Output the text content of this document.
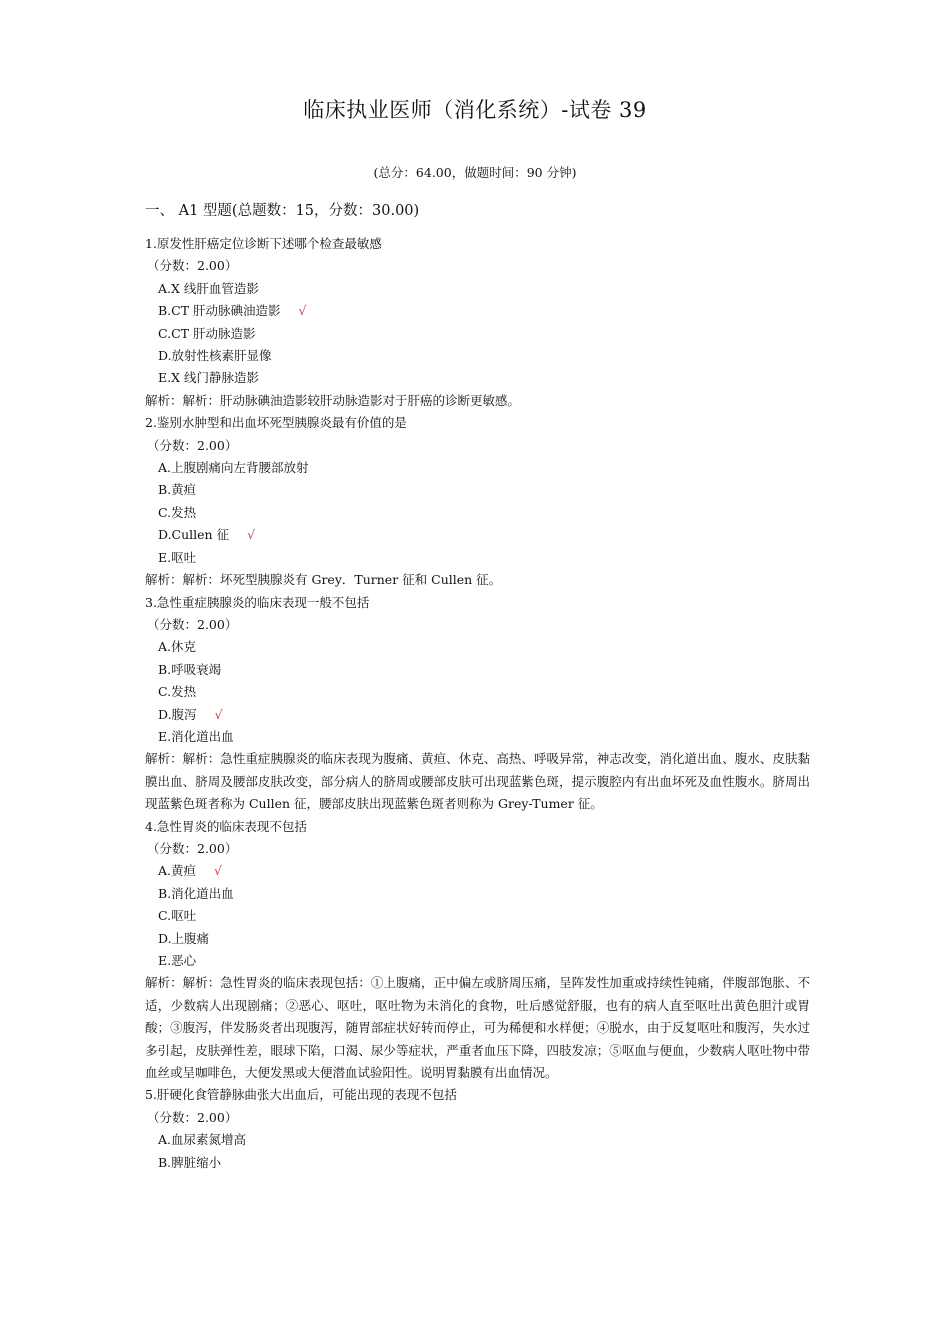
临床执业医师（消化系统）-试卷 39
(总分：64.00，做题时间：90 分钟)
一、 A1 型题(总题数：15，分数：30.00)
1.原发性肝癌定位诊断下述哪个检查最敏感
（分数：2.00）
A.X 线肝血管造影
B.CT 肝动脉碘油造影 √
C.CT 肝动脉造影
D.放射性核素肝显像
E.X 线门静脉造影
解析：解析：肝动脉碘油造影较肝动脉造影对于肝癌的诊断更敏感。
2.鉴别水肿型和出血坏死型胰腺炎最有价值的是
（分数：2.00）
A.上腹剧痛向左背腰部放射
B.黄疸
C.发热
D.Cullen 征 √
E.呕吐
解析：解析：坏死型胰腺炎有 Grey．Turner 征和 Cullen 征。
3.急性重症胰腺炎的临床表现一般不包括
（分数：2.00）
A.休克
B.呼吸衰竭
C.发热
D.腹泻 √
E.消化道出血
解析：解析：急性重症胰腺炎的临床表现为腹痛、黄疸、休克、高热、呼吸异常，神志改变，消化道出血、腹水、皮肤黏膜出血、脐周及腰部皮肤改变，部分病人的脐周或腰部皮肤可出现蓝紫色斑，提示腹腔内有出血坏死及血性腹水。脐周出现蓝紫色斑者称为 Cullen 征，腰部皮肤出现蓝紫色斑者则称为 Grey-Tumer 征。
4.急性胃炎的临床表现不包括
（分数：2.00）
A.黄疸 √
B.消化道出血
C.呕吐
D.上腹痛
E.恶心
解析：解析：急性胃炎的临床表现包括：①上腹痛，正中偏左或脐周压痛，呈阵发性加重或持续性钝痛，伴腹部饱胀、不适，少数病人出现剧痛；②恶心、呕吐，呕吐物为未消化的食物，吐后感觉舒服，也有的病人直至呕吐出黄色胆汁或胃酸；③腹泻，伴发肠炎者出现腹泻，随胃部症状好转而停止，可为稀便和水样便；④脱水，由于反复呕吐和腹泻，失水过多引起，皮肤弹性差，眼球下陷，口渴、尿少等症状，严重者血压下降，四肢发凉；⑤呕血与便血，少数病人呕吐物中带血丝或呈咖啡色，大便发黑或大便潜血试验阳性。说明胃黏膜有出血情况。
5.肝硬化食管静脉曲张大出血后，可能出现的表现不包括
（分数：2.00）
A.血尿素氮增高
B.脾脏缩小
